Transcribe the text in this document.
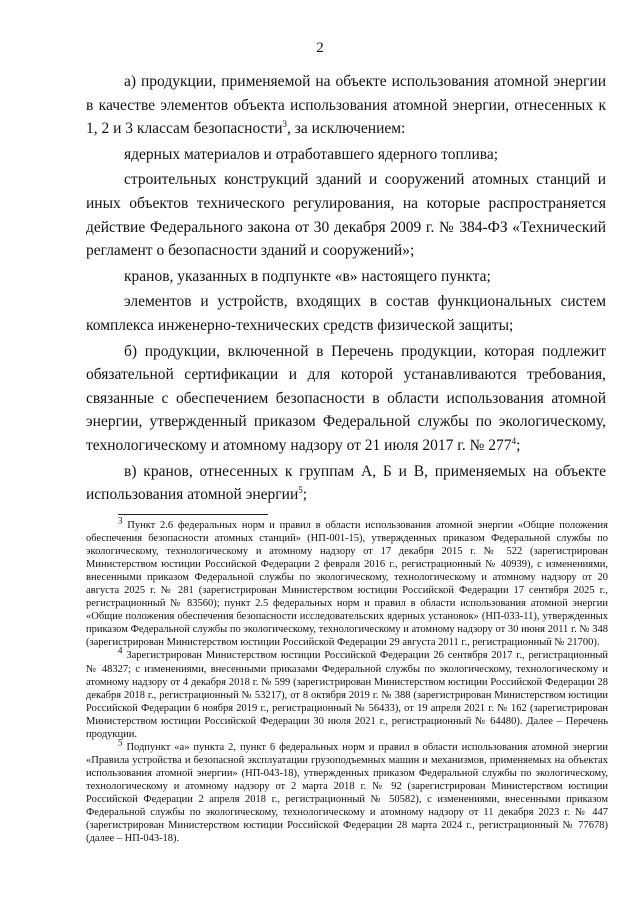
2

а) продукции, применяемой на объекте использования атомной энергии в качестве элементов объекта использования атомной энергии, отнесенных к 1, 2 и 3 классам безопасности$^3$, за исключением:

ядерных материалов и отработавшего ядерного топлива;

строительных конструкций зданий и сооружений атомных станций и иных объектов технического регулирования, на которые распространяется действие Федерального закона от 30 декабря 2009 г. № 384-ФЗ «Технический регламент о безопасности зданий и сооружений»;

кранов, указанных в подпункте «в» настоящего пункта;

элементов и устройств, входящих в состав функциональных систем комплекса инженерно-технических средств физической защиты;

б) продукции, включенной в Перечень продукции, которая подлежит обязательной сертификации и для которой устанавливаются требования, связанные с обеспечением безопасности в области использования атомной энергии, утвержденный приказом Федеральной службы по экологическому, технологическому и атомному надзору от 21 июля 2017 г. № $277^4$;

в) кранов, отнесенных к группам А, Б и В, применяемых на объекте использования атомной энергии$^5$;

$^3$ Пункт 2.6 федеральных норм и правил в области использования атомной энергии «Общие положения обеспечения безопасности атомных станций» (НП-001-15), утвержденных приказом Федеральной службы по экологическому, технологическому и атомному надзору от 17 декабря 2015 г. № 522 (зарегистрирован Министерством юстиции Российской Федерации 2 февраля 2016 г., регистрационный № 40939), с изменениями, внесенными приказом Федеральной службы по экологическому, технологическому и атомному надзору от 20 августа 2025 г. № 281 (зарегистрирован Министерством юстиции Российской Федерации 17 сентября 2025 г., регистрационный № 83560); пункт 2.5 федеральных норм и правил в области использования атомной энергии «Общие положения обеспечения безопасности исследовательских ядерных установок» (НП-033-11), утвержденных приказом Федеральной службы по экологическому, технологическому и атомному надзору от 30 июня 2011 г. № 348 (зарегистрирован Министерством юстиции Российской Федерации 29 августа 2011 г., регистрационный № 21700).

$^4$ Зарегистрирован Министерством юстиции Российской Федерации 26 сентября 2017 г., регистрационный № 48327; с изменениями, внесенными приказами Федеральной службы по экологическому, технологическому и атомному надзору от 4 декабря 2018 г. № 599 (зарегистрирован Министерством юстиции Российской Федерации 28 декабря 2018 г., регистрационный № 53217), от 8 октября 2019 г. № 388 (зарегистрирован Министерством юстиции Российской Федерации 6 ноября 2019 г., регистрационный № 56433), от 19 апреля 2021 г. № 162 (зарегистрирован Министерством юстиции Российской Федерации 30 июля 2021 г., регистрационный № 64480). Далее – Перечень продукции.

$^5$ Подпункт «а» пункта 2, пункт 6 федеральных норм и правил в области использования атомной энергии «Правила устройства и безопасной эксплуатации грузоподъемных машин и механизмов, применяемых на объектах использования атомной энергии» (НП-043-18), утвержденных приказом Федеральной службы по экологическому, технологическому и атомному надзору от 2 марта 2018 г. № 92 (зарегистрирован Министерством юстиции Российской Федерации 2 апреля 2018 г., регистрационный № 50582), с изменениями, внесенными приказом Федеральной службы по экологическому, технологическому и атомному надзору от 11 декабря 2023 г. № 447 (зарегистрирован Министерством юстиции Российской Федерации 28 марта 2024 г., регистрационный № 77678) (далее – НП-043-18).
